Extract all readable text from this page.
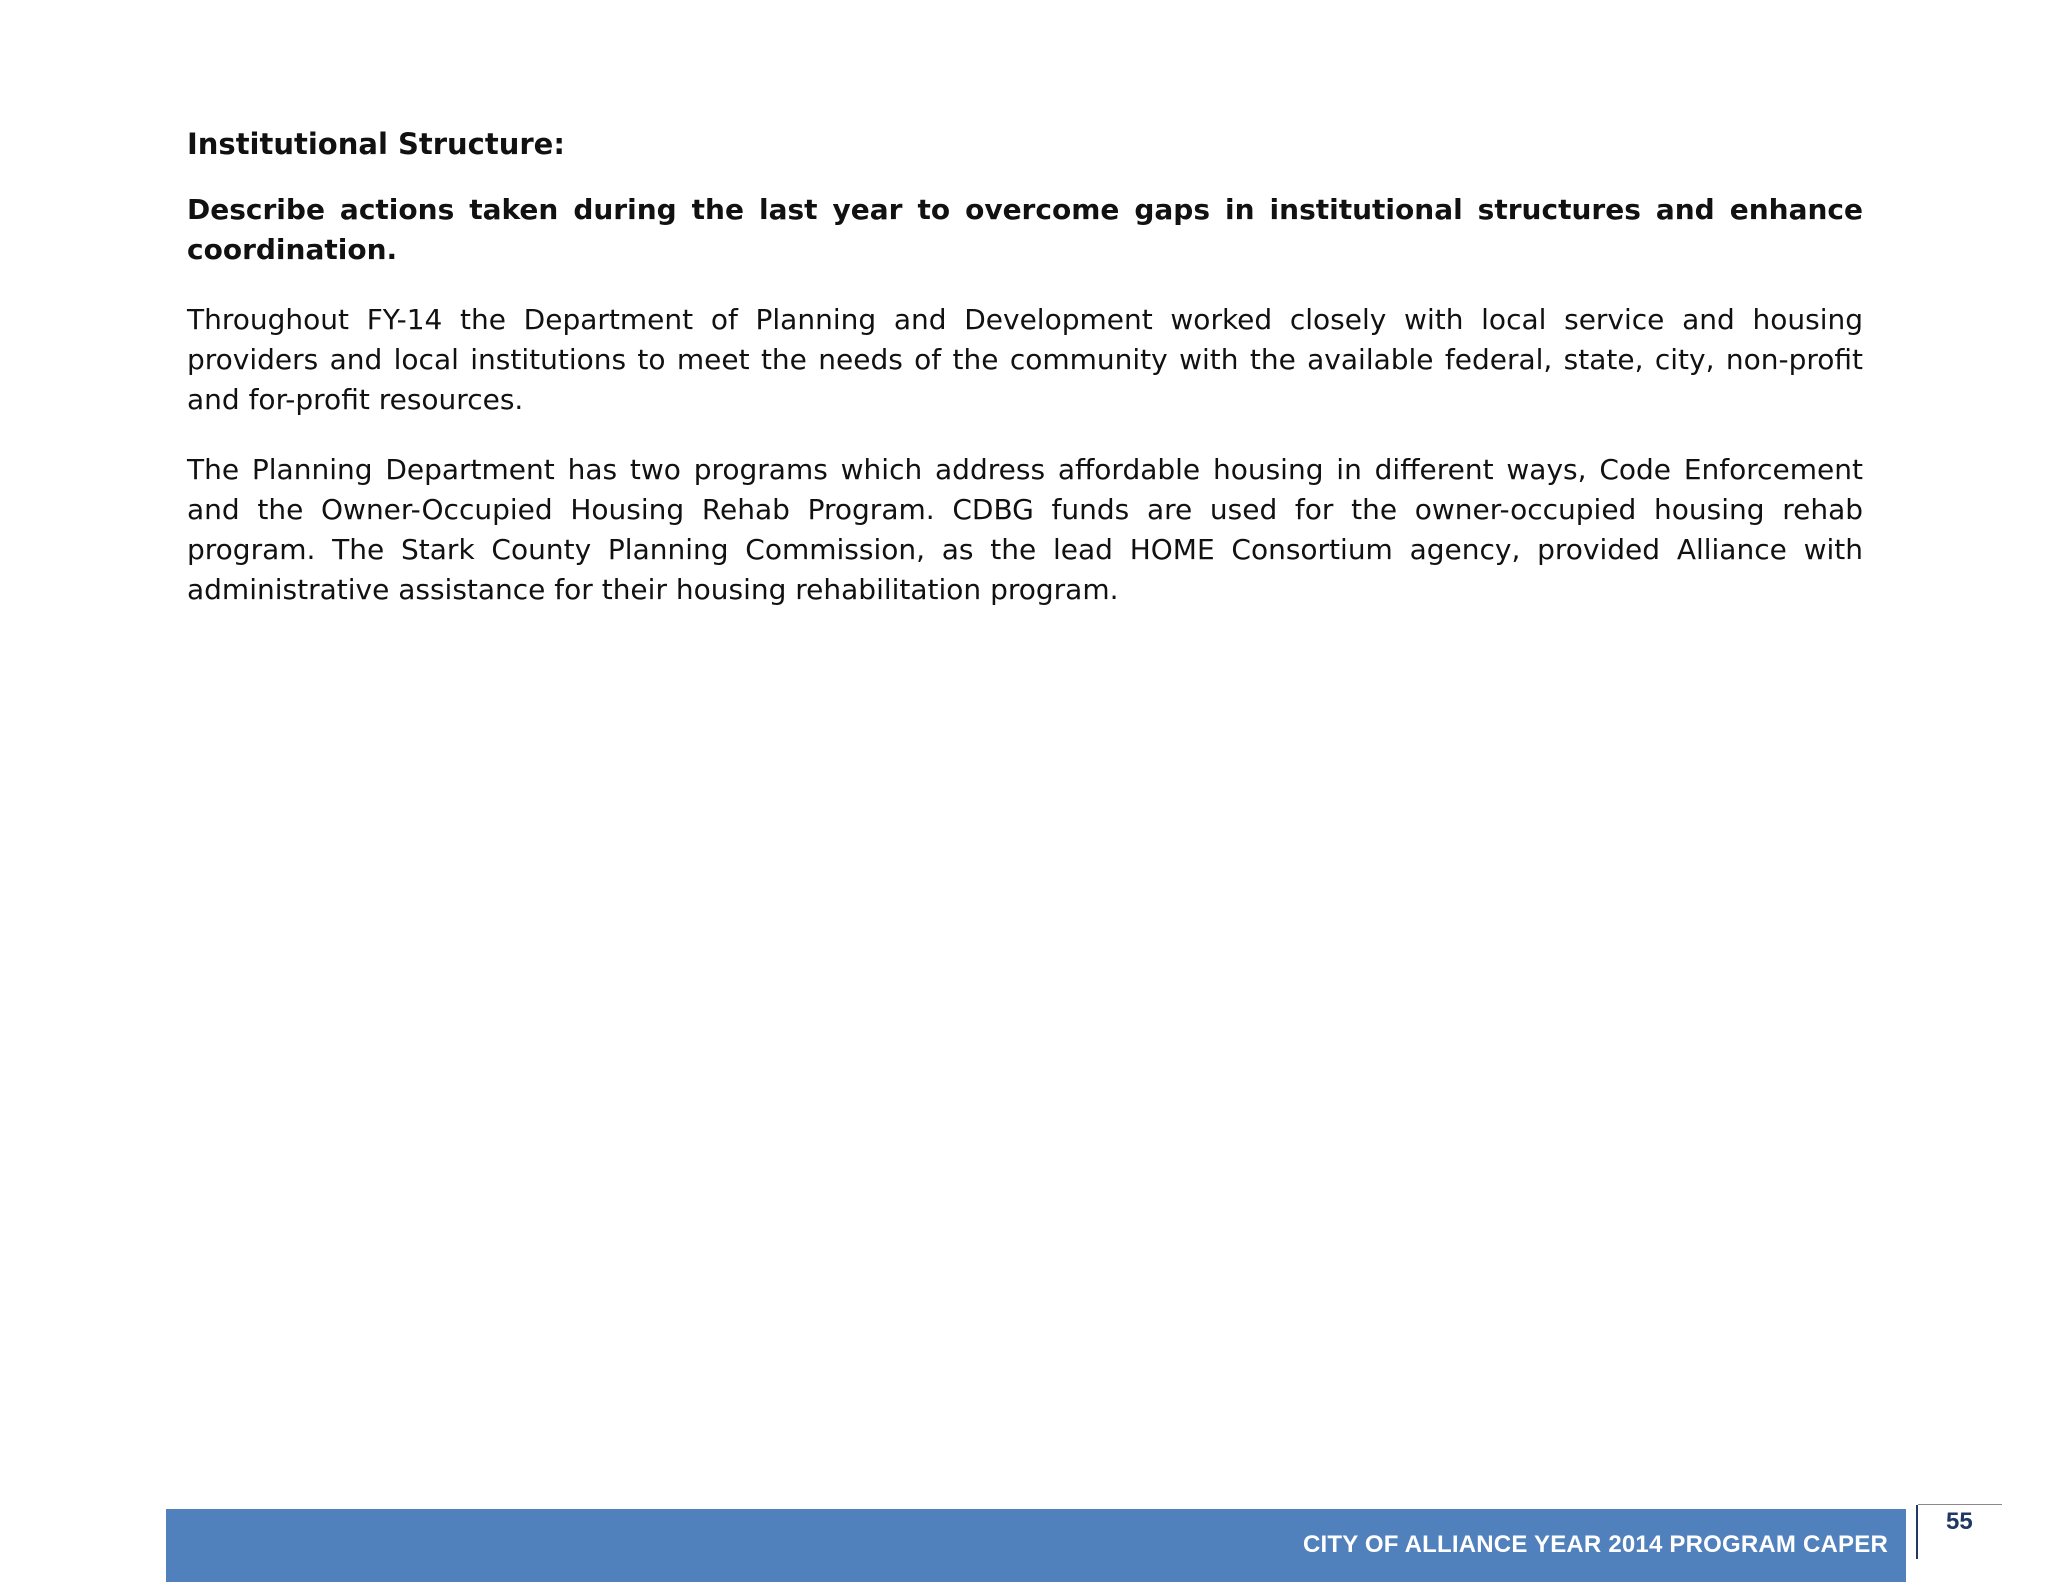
Institutional Structure:
Describe actions taken during the last year to overcome gaps in institutional structures and enhance coordination.

Throughout FY-14 the Department of Planning and Development worked closely with local service and housing providers and local institutions to meet the needs of the community with the available federal, state, city, non-profit and for-profit resources.

The Planning Department has two programs which address affordable housing in different ways, Code Enforcement and the Owner-Occupied Housing Rehab Program. CDBG funds are used for the owner-occupied housing rehab program. The Stark County Planning Commission, as the lead HOME Consortium agency, provided Alliance with administrative assistance for their housing rehabilitation program.

CITY OF ALLIANCE YEAR 2014 PROGRAM CAPER
55
